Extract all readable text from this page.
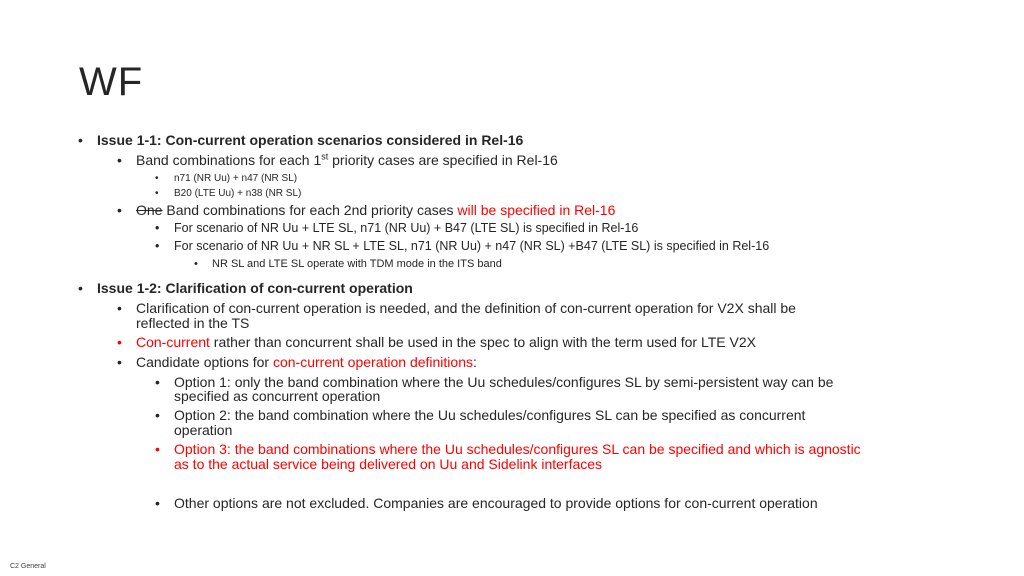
WF
• Issue 1-1: Con-current operation scenarios considered in Rel-16
• Band combinations for each 1st priority cases are specified in Rel-16
• n71 (NR Uu) + n47 (NR SL)
• B20 (LTE Uu) + n38 (NR SL)
• One Band combinations for each 2nd priority cases will be specified in Rel-16
• For scenario of NR Uu + LTE SL, n71 (NR Uu) + B47 (LTE SL) is specified in Rel-16
• For scenario of NR Uu + NR SL + LTE SL, n71 (NR Uu) + n47 (NR SL) +B47 (LTE SL) is specified in Rel-16
• NR SL and LTE SL operate with TDM mode in the ITS band
• Issue 1-2: Clarification of con-current operation
• Clarification of con-current operation is needed, and the definition of con-current operation for V2X shall be
reflected in the TS
• Con-current rather than concurrent shall be used in the spec to align with the term used for LTE V2X
• Candidate options for con-current operation definitions:
• Option 1: only the band combination where the Uu schedules/configures SL by semi-persistent way can be
specified as concurrent operation
• Option 2: the band combination where the Uu schedules/configures SL can be specified as concurrent
operation
• Option 3: the band combinations where the Uu schedules/configures SL can be specified and which is agnostic
as to the actual service being delivered on Uu and Sidelink interfaces
• Other options are not excluded. Companies are encouraged to provide options for con-current operation
C2 General
